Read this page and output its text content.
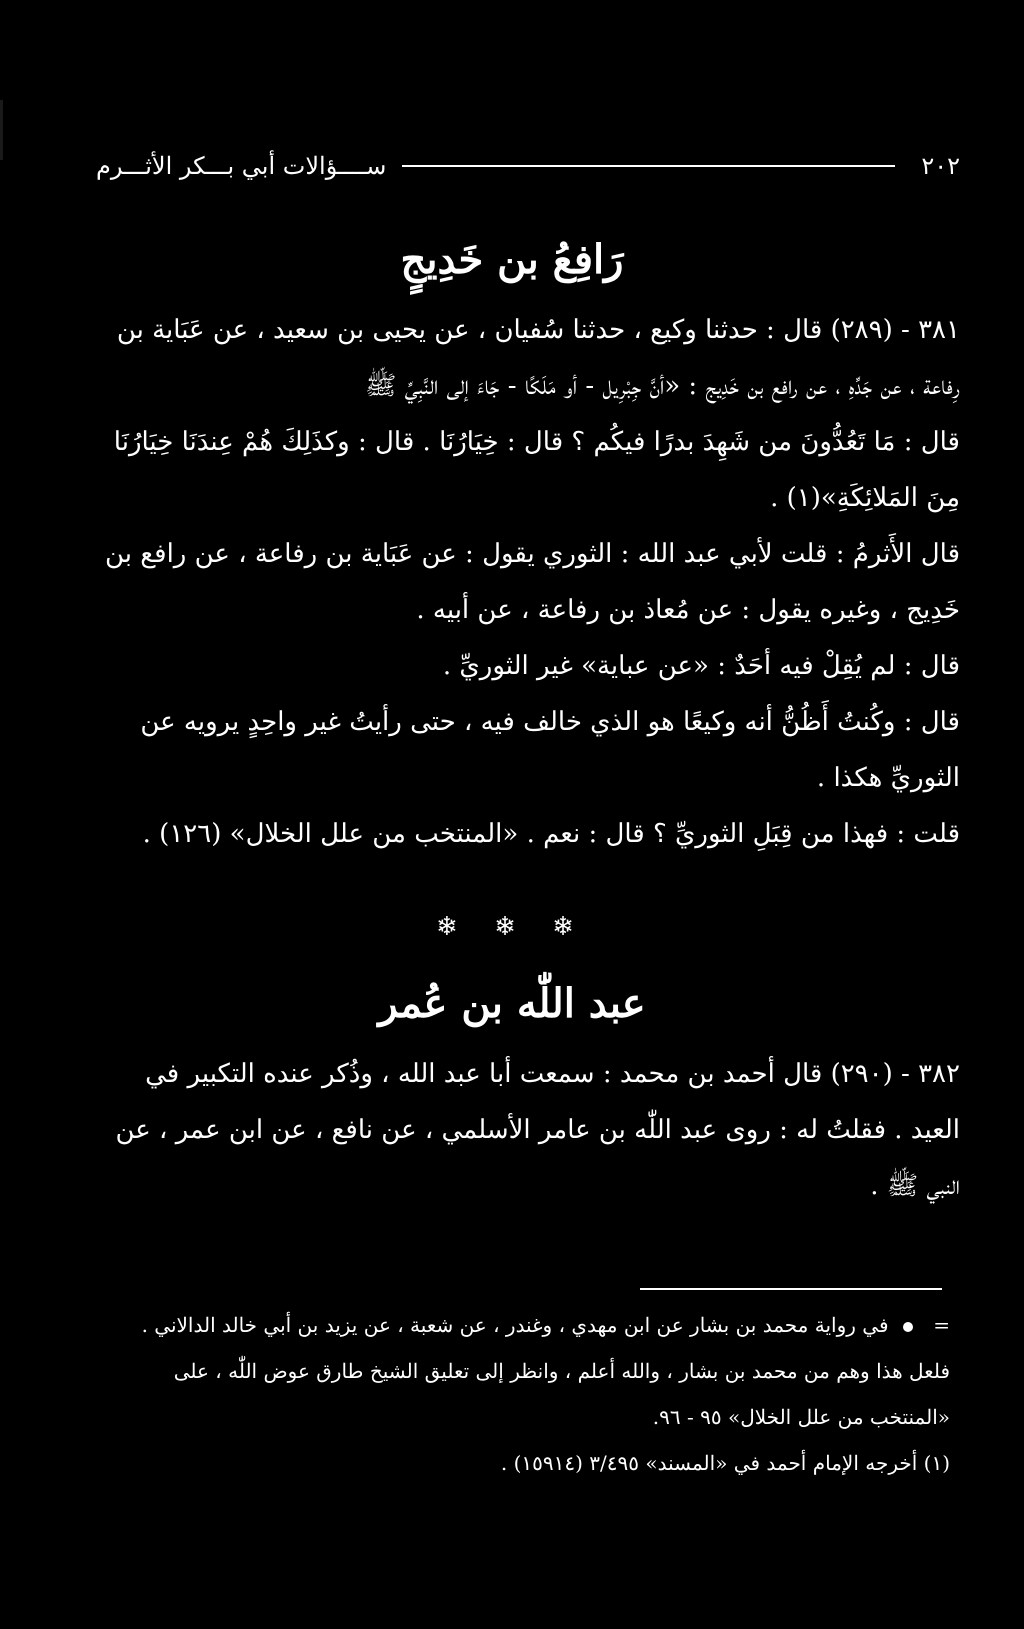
٢٠٢
ســــؤالات أبي بـــكر الأثـــرم
رَافِعُ بن خَدِيجٍ

٣٨١ - (٢٨٩) قال : حدثنا وكيع ، حدثنا سُفيان ، عن يحيى بن سعيد ، عن عَبَاية بن

رِفاعة ، عن جَدِّهِ ، عن رافع بن خَدِيج : «أنَّ جِبْرِيل - أو مَلَكًا - جَاءَ إلى النَّبِيِّ ﷺ

قال : مَا تَعُدُّونَ من شَهِدَ بدرًا فيكُم ؟ قال : خِيَارُنَا . قال : وكذَلِكَ هُمْ عِندَنَا خِيَارُنَا

مِنَ المَلائِكَةِ»(١) .

قال الأَثرمُ : قلت لأبي عبد الله : الثوري يقول : عن عَبَاية بن رفاعة ، عن رافع بن

خَدِيج ، وغيره يقول : عن مُعاذ بن رفاعة ، عن أبيه .

قال : لم يُقِلْ فيه أحَدٌ : «عن عباية» غير الثوريِّ .

قال : وكُنتُ أَظُنُّ أنه وكيعًا هو الذي خالف فيه ، حتى رأيتُ غير واحِدٍ يرويه عن

الثوريِّ هكذا .

قلت : فهذا من قِبَلِ الثوريِّ ؟ قال : نعم . «المنتخب من علل الخلال» (١٢٦) .

❄ ❄ ❄
عبد اللّٰه بن عُمر

٣٨٢ - (٢٩٠) قال أحمد بن محمد : سمعت أبا عبد الله ، وذُكر عنده التكبير في

العيد . فقلتُ له : روى عبد اللّٰه بن عامر الأسلمي ، عن نافع ، عن ابن عمر ، عن

النبي ﷺ .

=  في رواية محمد بن بشار عن ابن مهدي ، وغندر ، عن شعبة ، عن يزيد بن أبي خالد الدالاني .

فلعل هذا وهم من محمد بن بشار ، والله أعلم ، وانظر إلى تعليق الشيخ طارق عوض اللّٰه ، على

«المنتخب من علل الخلال» ٩٥ - ٩٦.

(١) أخرجه الإمام أحمد في «المسند» ٣/٤٩٥ (١٥٩١٤) .
